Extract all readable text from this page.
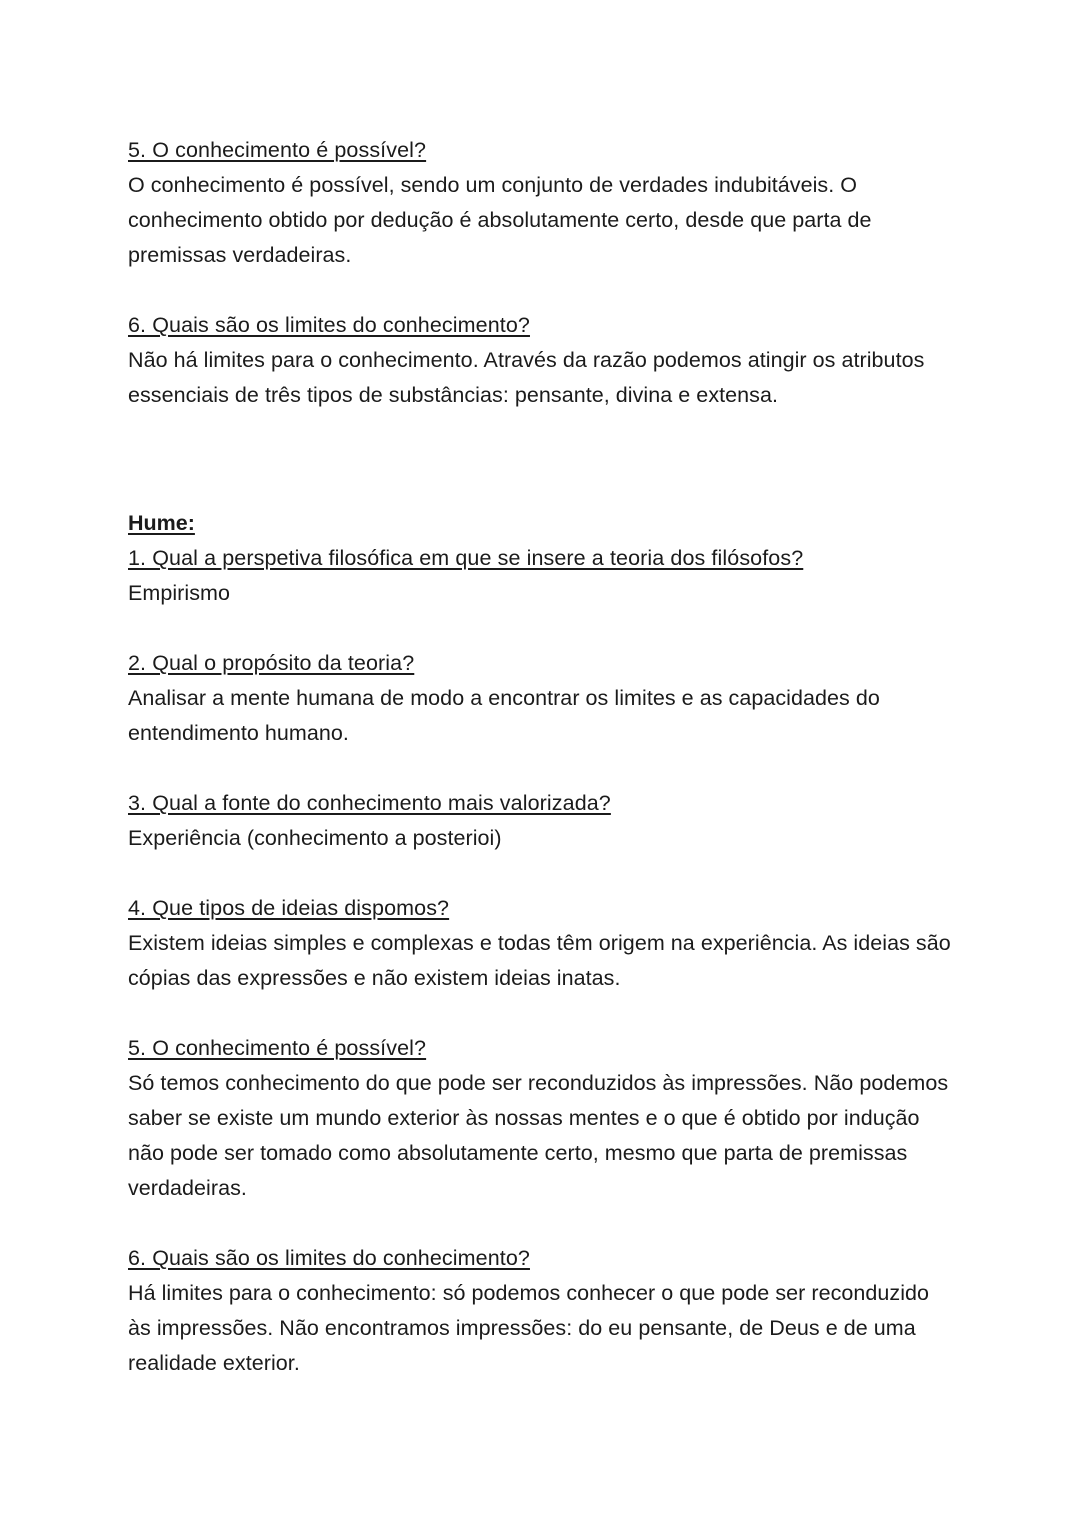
5. O conhecimento é possível?
O conhecimento é possível, sendo um conjunto de verdades indubitáveis. O conhecimento obtido por dedução é absolutamente certo, desde que parta de premissas verdadeiras.
6. Quais são os limites do conhecimento?
Não há limites para o conhecimento. Através da razão podemos atingir os atributos essenciais de três tipos de substâncias: pensante, divina e extensa.
Hume:
1. Qual a perspetiva filosófica em que se insere a teoria dos filósofos?
Empirismo
2. Qual o propósito da teoria?
Analisar a mente humana de modo a encontrar os limites e as capacidades do entendimento humano.
3. Qual a fonte do conhecimento mais valorizada?
Experiência (conhecimento a posterioi)
4. Que tipos de ideias dispomos?
Existem ideias simples e complexas e todas têm origem na experiência. As ideias são cópias das expressões e não existem ideias inatas.
5. O conhecimento é possível?
Só temos conhecimento do que pode ser reconduzidos às impressões. Não podemos saber se existe um mundo exterior às nossas mentes e o que é obtido por indução não pode ser tomado como absolutamente certo, mesmo que parta de premissas verdadeiras.
6. Quais são os limites do conhecimento?
Há limites para o conhecimento: só podemos conhecer o que pode ser reconduzido às impressões. Não encontramos impressões: do eu pensante, de Deus e de uma realidade exterior.
